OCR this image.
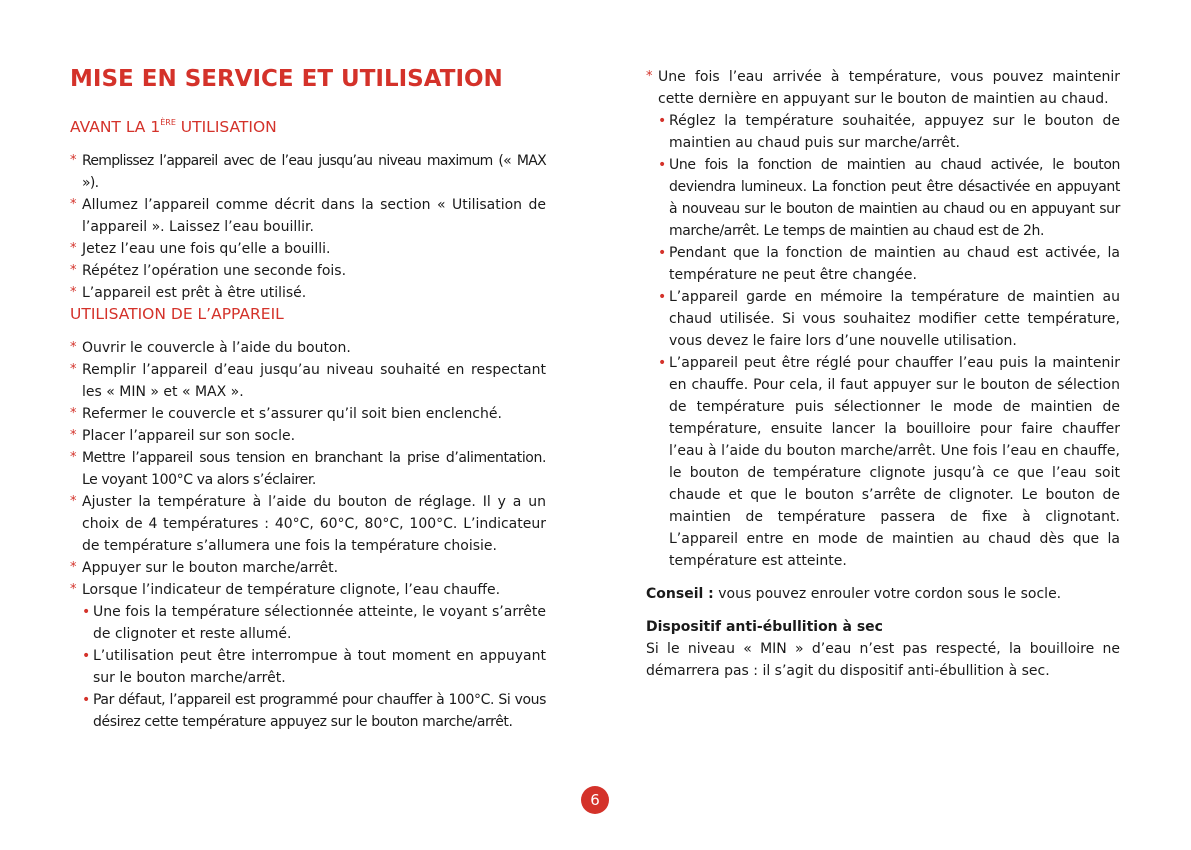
MISE EN SERVICE ET UTILISATION
AVANT LA 1ÈRE UTILISATION
* Remplissez l’appareil avec de l’eau jusqu’au niveau maximum (« MAX »).
* Allumez l’appareil comme décrit dans la section « Utilisation de l’appareil ». Laissez l’eau bouillir.
* Jetez l’eau une fois qu’elle a bouilli.
* Répétez l’opération une seconde fois.
* L’appareil est prêt à être utilisé.
* Ouvrir le couvercle à l’aide du bouton.
* Remplir l’appareil d’eau jusqu’au niveau souhaité en respectant les « MIN » et « MAX ».
* Refermer le couvercle et s’assurer qu’il soit bien enclenché.
* Placer l’appareil sur son socle.
* Mettre l’appareil sous tension en branchant la prise d’alimentation. Le voyant 100°C va alors s’éclairer.
* Ajuster la température à l’aide du bouton de réglage. Il y a un choix de 4 températures : 40°C, 60°C, 80°C, 100°C. L’indicateur de température s’allumera une fois la température choisie.
* Appuyer sur le bouton marche/arrêt.
* Lorsque l’indicateur de température clignote, l’eau chauffe.
• Une fois la température sélectionnée atteinte, le voyant s’arrête de clignoter et reste allumé.
• L’utilisation peut être interrompue à tout moment en appuyant sur le bouton marche/arrêt.
• Par défaut, l’appareil est programmé pour chauffer à 100°C. Si vous désirez cette température appuyez sur le bouton marche/arrêt.
UTILISATION DE L’APPAREIL
* Une fois l’eau arrivée à température, vous pouvez maintenir cette dernière en appuyant sur le bouton de maintien au chaud.
• Réglez la température souhaitée, appuyez sur le bouton de maintien au chaud puis sur marche/arrêt.
• Une fois la fonction de maintien au chaud activée, le bouton deviendra lumineux. La fonction peut être désactivée en appuyant à nouveau sur le bouton de maintien au chaud ou en appuyant sur marche/arrêt. Le temps de maintien au chaud est de 2h.
• Pendant que la fonction de maintien au chaud est activée, la température ne peut être changée.
• L’appareil garde en mémoire la température de maintien au chaud utilisée. Si vous souhaitez modifier cette température, vous devez le faire lors d’une nouvelle utilisation.
• L’appareil peut être réglé pour chauffer l’eau puis la maintenir en chauffe. Pour cela, il faut appuyer sur le bouton de sélection de température puis sélectionner le mode de maintien de température, ensuite lancer la bouilloire pour faire chauffer l’eau à l’aide du bouton marche/arrêt. Une fois l’eau en chauffe, le bouton de température clignote jusqu’à ce que l’eau soit chaude et que le bouton s’arrête de clignoter. Le bouton de maintien de température passera de fixe à clignotant. L’appareil entre en mode de maintien au chaud dès que la température est atteinte.

Conseil : vous pouvez enrouler votre cordon sous le socle.

Dispositif anti-ébullition à sec

Si le niveau « MIN » d’eau n’est pas respecté, la bouilloire ne démarrera pas : il s’agit du dispositif anti-ébullition à sec.

6
